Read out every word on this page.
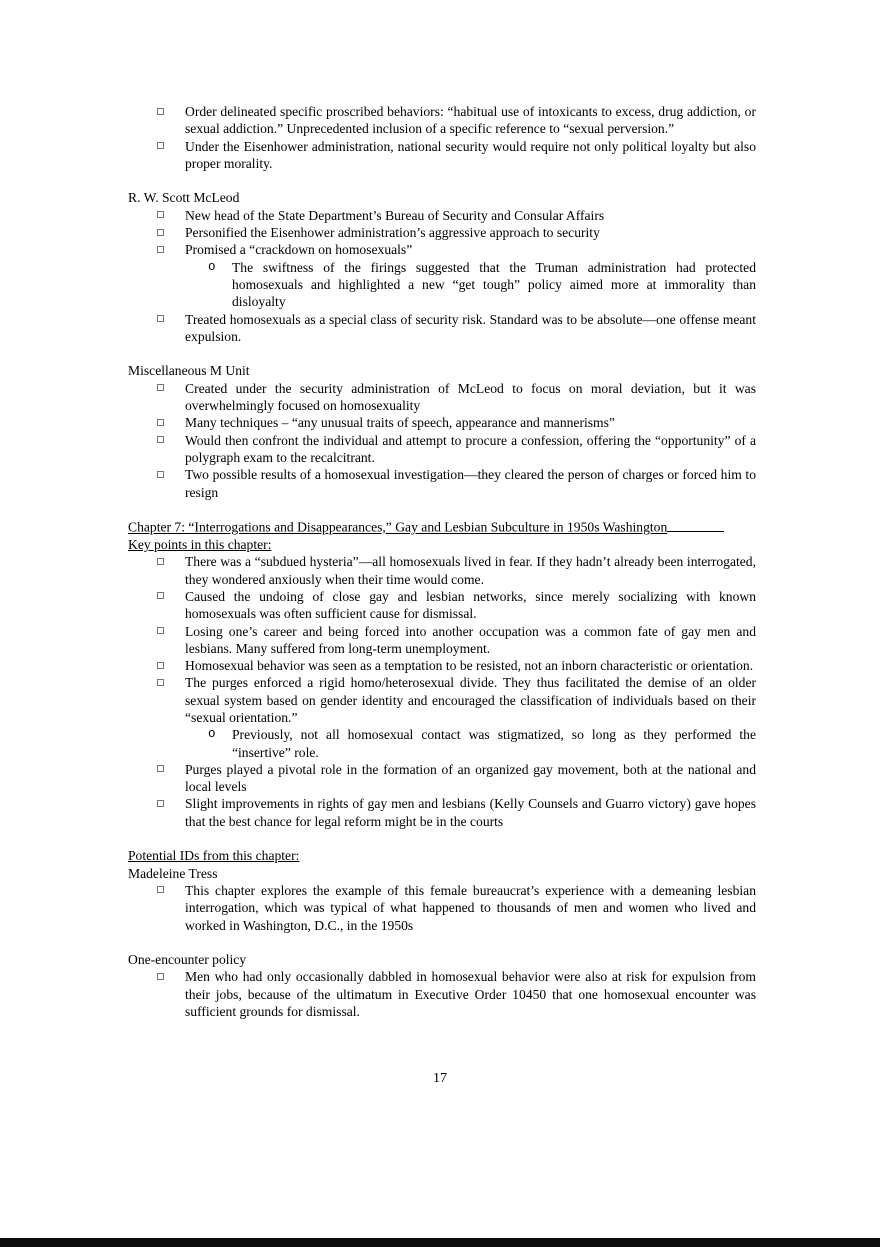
Order delineated specific proscribed behaviors: “habitual use of intoxicants to excess, drug addiction, or sexual addiction.” Unprecedented inclusion of a specific reference to “sexual perversion.”
Under the Eisenhower administration, national security would require not only political loyalty but also proper morality.
R. W. Scott McLeod
New head of the State Department’s Bureau of Security and Consular Affairs
Personified the Eisenhower administration’s aggressive approach to security
Promised a “crackdown on homosexuals”
o The swiftness of the firings suggested that the Truman administration had protected homosexuals and highlighted a new “get tough” policy aimed more at immorality than disloyalty
Treated homosexuals as a special class of security risk. Standard was to be absolute—one offense meant expulsion.
Miscellaneous M Unit
Created under the security administration of McLeod to focus on moral deviation, but it was overwhelmingly focused on homosexuality
Many techniques – “any unusual traits of speech, appearance and mannerisms”
Would then confront the individual and attempt to procure a confession, offering the “opportunity” of a polygraph exam to the recalcitrant.
Two possible results of a homosexual investigation—they cleared the person of charges or forced him to resign
Chapter 7: “Interrogations and Disappearances,” Gay and Lesbian Subculture in 1950s Washington
Key points in this chapter:
There was a “subdued hysteria”—all homosexuals lived in fear. If they hadn’t already been interrogated, they wondered anxiously when their time would come.
Caused the undoing of close gay and lesbian networks, since merely socializing with known homosexuals was often sufficient cause for dismissal.
Losing one’s career and being forced into another occupation was a common fate of gay men and lesbians. Many suffered from long-term unemployment.
Homosexual behavior was seen as a temptation to be resisted, not an inborn characteristic or orientation.
The purges enforced a rigid homo/heterosexual divide. They thus facilitated the demise of an older sexual system based on gender identity and encouraged the classification of individuals based on their “sexual orientation.”
o Previously, not all homosexual contact was stigmatized, so long as they performed the “insertive” role.
Purges played a pivotal role in the formation of an organized gay movement, both at the national and local levels
Slight improvements in rights of gay men and lesbians (Kelly Counsels and Guarro victory) gave hopes that the best chance for legal reform might be in the courts
Potential IDs from this chapter:
Madeleine Tress
This chapter explores the example of this female bureaucrat’s experience with a demeaning lesbian interrogation, which was typical of what happened to thousands of men and women who lived and worked in Washington, D.C., in the 1950s
One-encounter policy
Men who had only occasionally dabbled in homosexual behavior were also at risk for expulsion from their jobs, because of the ultimatum in Executive Order 10450 that one homosexual encounter was sufficient grounds for dismissal.
17
